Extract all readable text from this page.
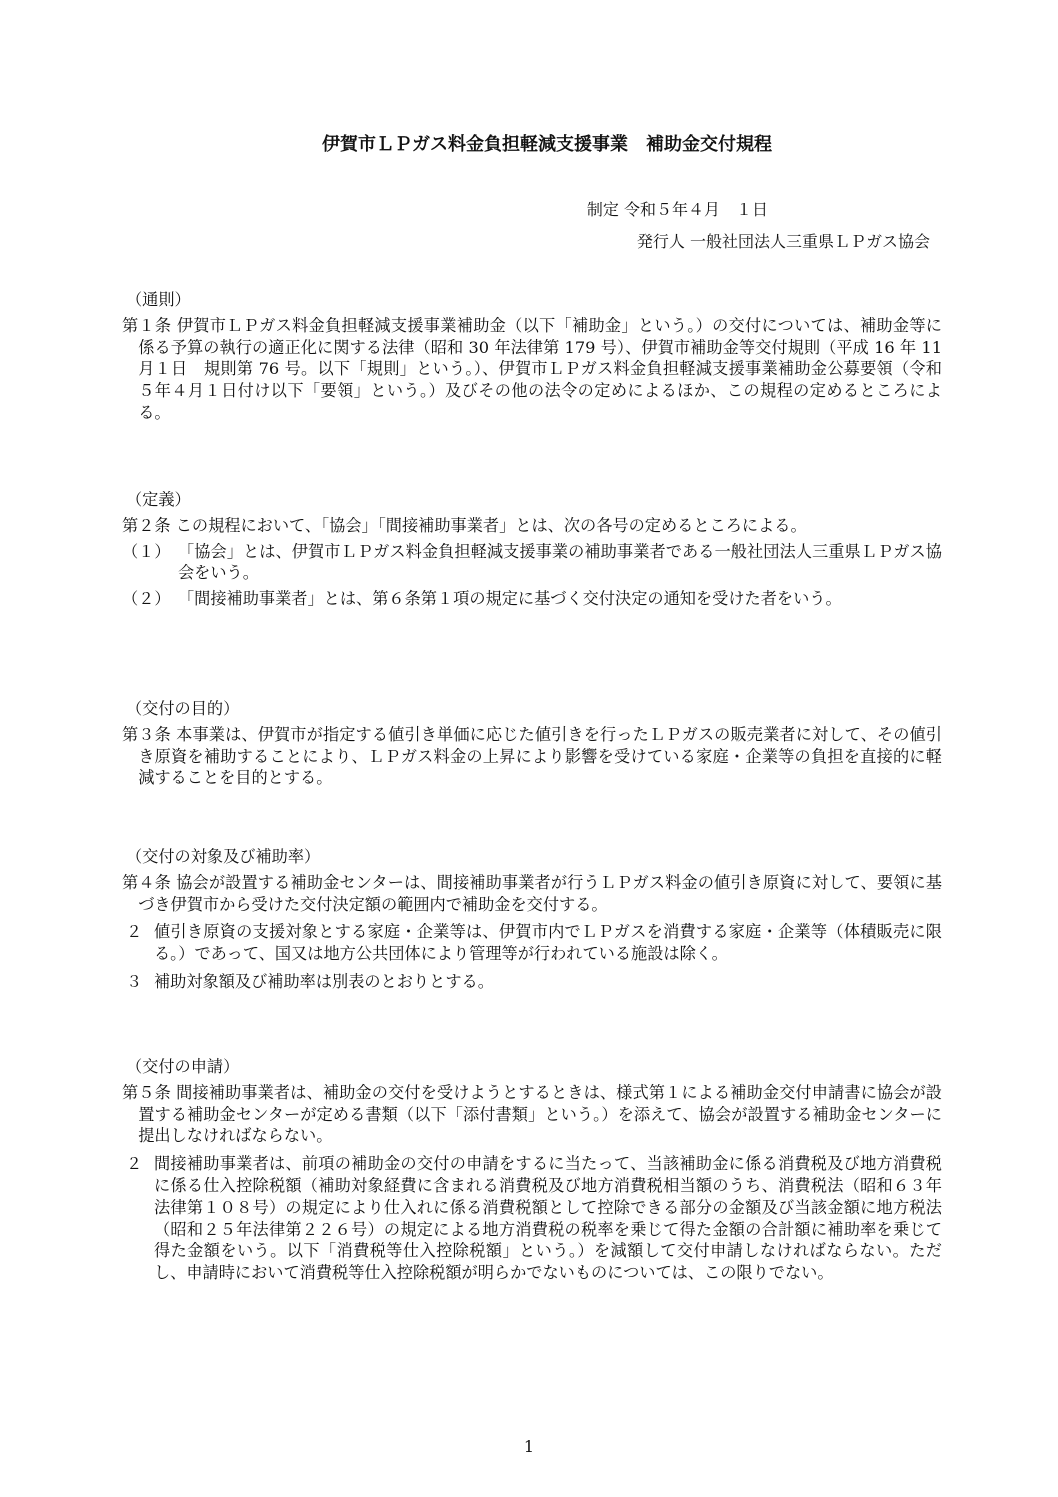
伊賀市ＬＰガス料金負担軽減支援事業　補助金交付規程
制定 令和５年４月　１日
発行人 一般社団法人三重県ＬＰガス協会

（通則）

第１条 伊賀市ＬＰガス料金負担軽減支援事業補助金（以下「補助金」という。）の交付については、補助金等に係る予算の執行の適正化に関する法律（昭和 30 年法律第 179 号）、伊賀市補助金等交付規則（平成 16 年 11 月１日　規則第 76 号。以下「規則」という。）、伊賀市ＬＰガス料金負担軽減支援事業補助金公募要領（令和５年４月１日付け以下「要領」という。）及びその他の法令の定めによるほか、この規程の定めるところによる。

（定義）

第２条 この規程において、「協会」「間接補助事業者」とは、次の各号の定めるところによる。

（１） 「協会」とは、伊賀市ＬＰガス料金負担軽減支援事業の補助事業者である一般社団法人三重県ＬＰガス協会をいう。
（２） 「間接補助事業者」とは、第６条第１項の規定に基づく交付決定の通知を受けた者をいう。

（交付の目的）

第３条 本事業は、伊賀市が指定する値引き単価に応じた値引きを行ったＬＰガスの販売業者に対して、その値引き原資を補助することにより、ＬＰガス料金の上昇により影響を受けている家庭・企業等の負担を直接的に軽減することを目的とする。

（交付の対象及び補助率）

第４条 協会が設置する補助金センターは、間接補助事業者が行うＬＰガス料金の値引き原資に対して、要領に基づき伊賀市から受けた交付決定額の範囲内で補助金を交付する。

２ 値引き原資の支援対象とする家庭・企業等は、伊賀市内でＬＰガスを消費する家庭・企業等（体積販売に限る。）であって、国又は地方公共団体により管理等が行われている施設は除く。
３ 補助対象額及び補助率は別表のとおりとする。

（交付の申請）

第５条 間接補助事業者は、補助金の交付を受けようとするときは、様式第１による補助金交付申請書に協会が設置する補助金センターが定める書類（以下「添付書類」という。）を添えて、協会が設置する補助金センターに提出しなければならない。

２ 間接補助事業者は、前項の補助金の交付の申請をするに当たって、当該補助金に係る消費税及び地方消費税に係る仕入控除税額（補助対象経費に含まれる消費税及び地方消費税相当額のうち、消費税法（昭和６３年法律第１０８号）の規定により仕入れに係る消費税額として控除できる部分の金額及び当該金額に地方税法（昭和２５年法律第２２６号）の規定による地方消費税の税率を乗じて得た金額の合計額に補助率を乗じて得た金額をいう。以下「消費税等仕入控除税額」という。）を減額して交付申請しなければならない。ただし、申請時において消費税等仕入控除税額が明らかでないものについては、この限りでない。
1
